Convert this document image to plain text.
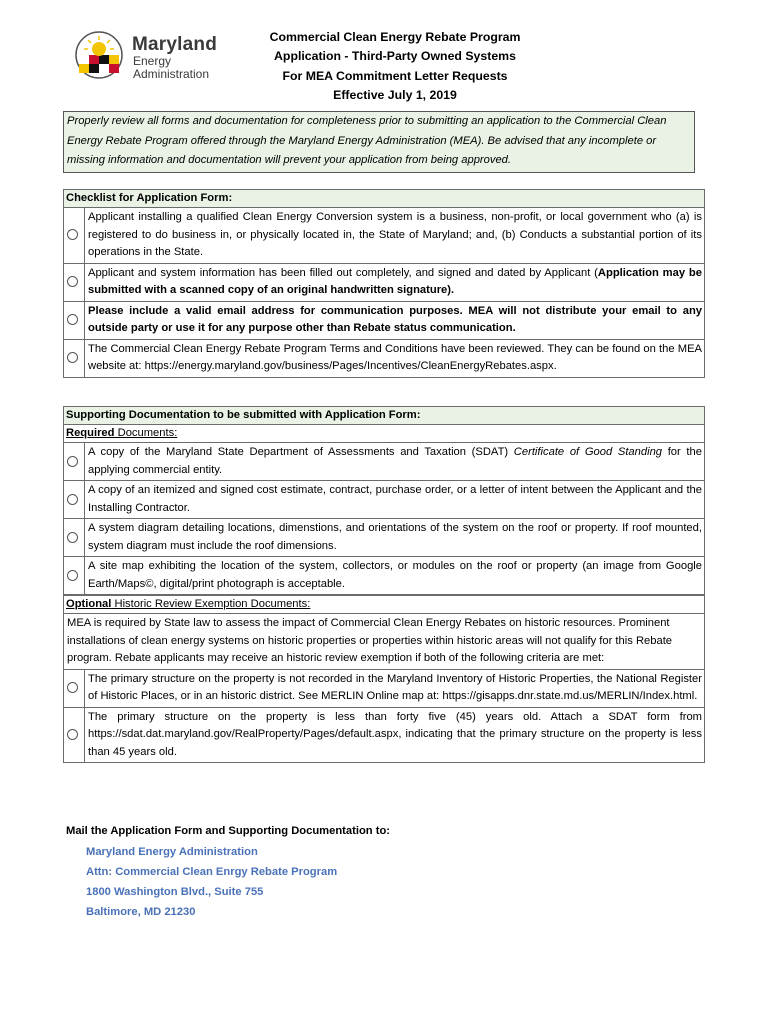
Maryland
Energy
Administration
Commercial Clean Energy Rebate Program
Application - Third-Party Owned Systems
For MEA Commitment Letter Requests
Effective July 1, 2019
Properly review all forms and documentation for completeness prior to submitting an application to the Commercial Clean Energy Rebate Program offered through the Maryland Energy Administration (MEA). Be advised that any incomplete or missing information and documentation will prevent your application from being approved.
Checklist for Application Form:
Applicant installing a qualified Clean Energy Conversion system is a business, non-profit, or local government who (a) is registered to do business in, or physically located in, the State of Maryland; and, (b) Conducts a substantial portion of its operations in the State.
Applicant and system information has been filled out completely, and signed and dated by Applicant (Application may be submitted with a scanned copy of an original handwritten signature).
Please include a valid email address for communication purposes. MEA will not distribute your email to any outside party or use it for any purpose other than Rebate status communication.
The Commercial Clean Energy Rebate Program Terms and Conditions have been reviewed. They can be found on the MEA website at: https://energy.maryland.gov/business/Pages/Incentives/CleanEnergyRebates.aspx.
Supporting Documentation to be submitted with Application Form:
Required Documents:
A copy of the Maryland State Department of Assessments and Taxation (SDAT) Certificate of Good Standing for the applying commercial entity.
A copy of an itemized and signed cost estimate, contract, purchase order, or a letter of intent between the Applicant and the Installing Contractor.
A system diagram detailing locations, dimenstions, and orientations of the system on the roof or property. If roof mounted, system diagram must include the roof dimensions.
A site map exhibiting the location of the system, collectors, or modules on the roof or property (an image from Google Earth/Maps©, digital/print photograph is acceptable.
Optional Historic Review Exemption Documents:
MEA is required by State law to assess the impact of Commercial Clean Energy Rebates on historic resources. Prominent installations of clean energy systems on historic properties or properties within historic areas will not qualify for this Rebate program. Rebate applicants may receive an historic review exemption if both of the following criteria are met:
The primary structure on the property is not recorded in the Maryland Inventory of Historic Properties, the National Register of Historic Places, or in an historic district. See MERLIN Online map at: https://gisapps.dnr.state.md.us/MERLIN/Index.html.
The primary structure on the property is less than forty five (45) years old. Attach a SDAT form from https://sdat.dat.maryland.gov/RealProperty/Pages/default.aspx, indicating that the primary structure on the property is less than 45 years old.
Mail the Application Form and Supporting Documentation to:
Maryland Energy Administration
Attn: Commercial Clean Enrgy Rebate Program
1800 Washington Blvd., Suite 755
Baltimore, MD 21230
